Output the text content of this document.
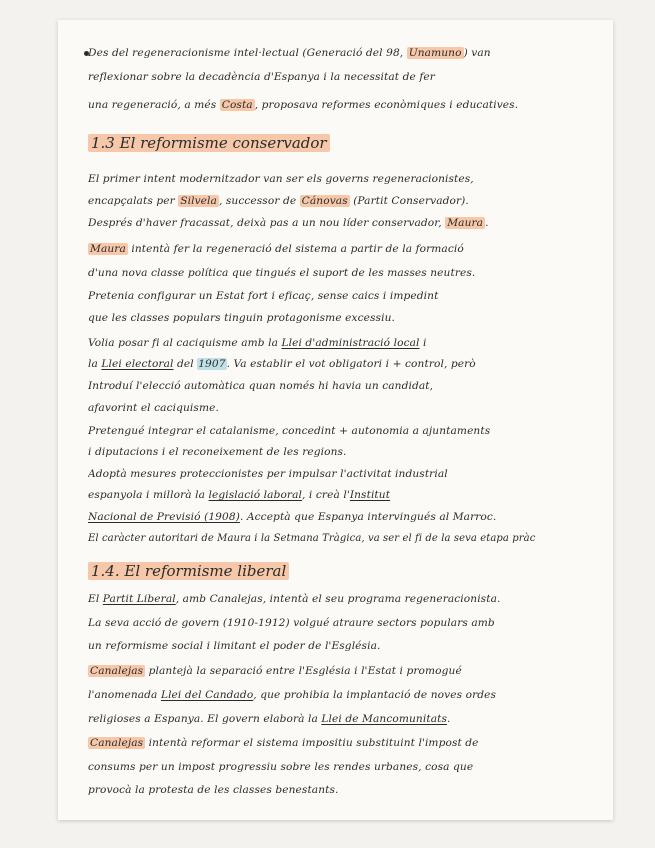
Des del regeneracionisme intel·lectual (Generació del 98, Unamuno ) van
reflexionar sobre la decadència d'Espanya i la necessitat de fer
una regeneració, a més Costa , proposava reformes econòmiques i educatives.
1.3 El reformisme conservador
El primer intent modernitzador van ser els governs regeneracionistes,
encapçalats per Silvela , successor de Cánovas (Partit Conservador).
Després d'haver fracassat, deixà pas a un nou líder conservador, Maura .
Maura intentà fer la regeneració del sistema a partir de la formació
d'una nova classe política que tingués el suport de les masses neutres.
Pretenia configurar un Estat fort i eficaç, sense caics i impedint
que les classes populars tinguin protagonisme excessiu.
Volia posar fi al caciquisme amb la Llei d'administració local i
la Llei electoral del 1907. Va establir el vot obligatori i + control, però
Introduí l'elecció automàtica quan només hi havia un candidat,
afavorint el caciquisme.
Pretengué integrar el catalanisme, concedint + autonomia a ajuntaments
i diputacions i el reconeixement de les regions.
Adoptà mesures proteccionistes per impulsar l'activitat industrial
espanyola i millorà la legislació laboral, i creà l'Institut
Nacional de Previsió (1908). Acceptà que Espanya intervingués al Marroc.
El caràcter autoritari de Maura i la Setmana Tràgica, va ser el fi de la seva etapa pràc
1.4. El reformisme liberal
El Partit Liberal, amb Canalejas, intentà el seu programa regeneracionista.
La seva acció de govern (1910-1912) volgué atraure sectors populars amb
un reformisme social i limitant el poder de l'Església.
Canalejas plantejà la separació entre l'Església i l'Estat i promogué
l'anomenada Llei del Candado, que prohibia la implantació de noves ordes
religioses a Espanya. El govern elaborà la Llei de Mancomunitats.
Canalejas intentà reformar el sistema impositiu substituint l'impost de
consums per un impost progressiu sobre les rendes urbanes, cosa que
provocà la protesta de les classes benestants.
